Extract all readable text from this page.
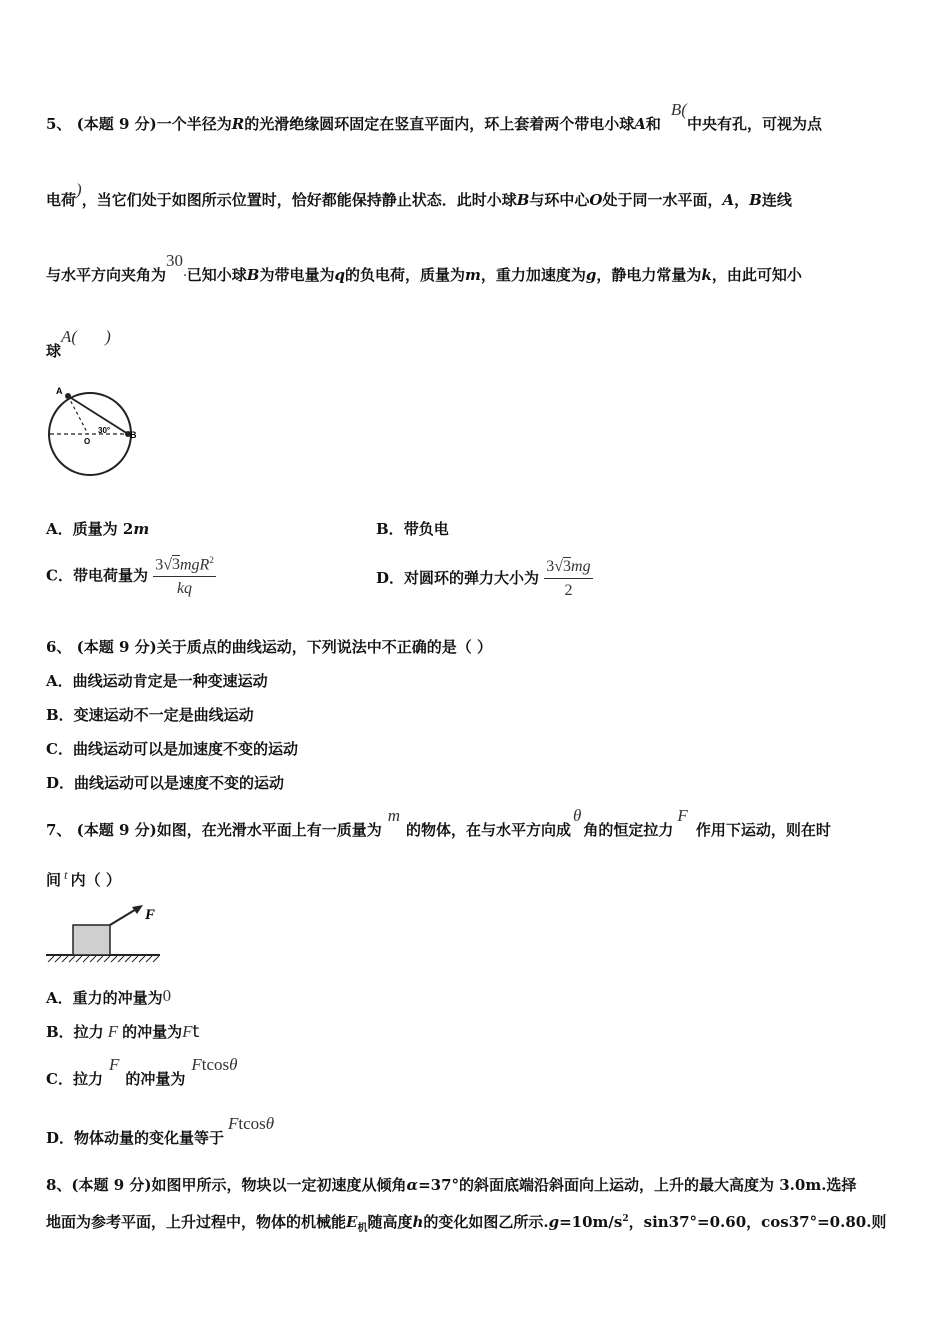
5、 (本题 9 分)一个半径为R的光滑绝缘圆环固定在竖直平面内，环上套着两个带电小球A和B(中央有孔，可视为点
电荷)，当它们处于如图所示位置时，恰好都能保持静止状态．此时小球B与环中心O处于同一水平面，A，B连线
与水平方向夹角为30·已知小球B为带电量为q的负电荷，质量为m，重力加速度为g，静电力常量为k，由此可知小
球A( )
A
B
O
30°
A．质量为 2m	B．带负电
C．带电荷量为 $\frac{3√3mgR^2}{kq}$	D．对圆环的弹力大小为 $\frac{3√3mg}{2}$
6、 (本题 9 分)关于质点的曲线运动，下列说法中不正确的是（ ）
A．曲线运动肯定是一种变速运动
B．变速运动不一定是曲线运动
C．曲线运动可以是加速度不变的运动
D．曲线运动可以是速度不变的运动
7、 (本题 9 分)如图，在光滑水平面上有一质量为m的物体，在与水平方向成θ角的恒定拉力F作用下运动，则在时
间 t 内（ ）
F
A．重力的冲量为0
B．拉力 F 的冲量为Ft
C．拉力F的冲量为Ftcosθ
D．物体动量的变化量等于Ftcosθ
8、(本题 9 分)如图甲所示，物块以一定初速度从倾角α=37°的斜面底端沿斜面向上运动，上升的最大高度为 3.0m.选择
地面为参考平面，上升过程中，物体的机械能$E_机$随高度h的变化如图乙所示$.g=10m/s^2$，sin37°=0.60，cos37°=0.80.则
